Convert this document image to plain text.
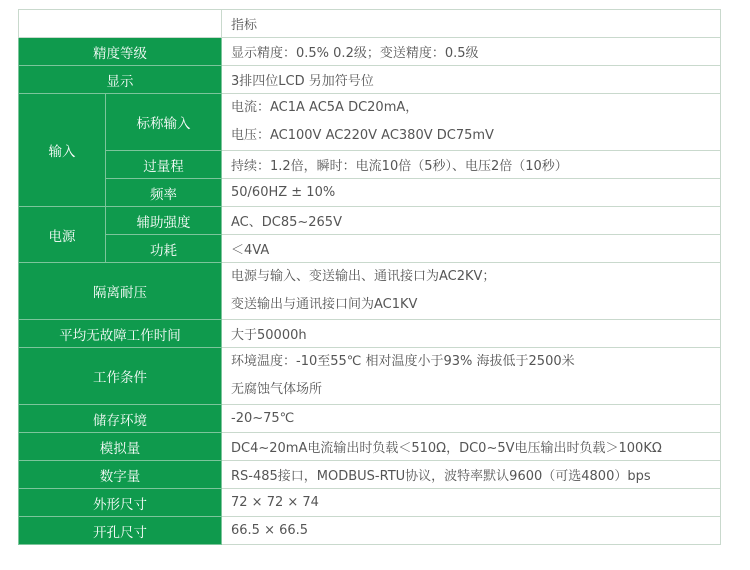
		指标
精度等级		显示精度：0.5% 0.2级；变送精度：0.5级
显示		3排四位LCD 另加符号位
输入	标称输入	电流：AC1A AC5A DC20mA，
电压：AC100V AC220V AC380V DC75mV

	过量程	持续：1.2倍，瞬时：电流10倍（5秒）、电压2倍（10秒）
	频率	50/60HZ ± 10%
电源	辅助强度	AC、DC85~265V
	功耗	＜4VA
隔离耐压		电源与输入、变送输出、通讯接口为AC2KV；
变送输出与通讯接口间为AC1KV

平均无故障工作时间		大于50000h
工作条件		环境温度：-10至55℃ 相对温度小于93% 海拔低于2500米
无腐蚀气体场所

储存环境		-20~75℃
模拟量		DC4~20mA电流输出时负载＜510Ω，DC0~5V电压输出时负载＞100KΩ
数字量		RS-485接口，MODBUS-RTU协议，波特率默认9600（可选4800）bps
外形尺寸		72 × 72 × 74
开孔尺寸		66.5 × 66.5
